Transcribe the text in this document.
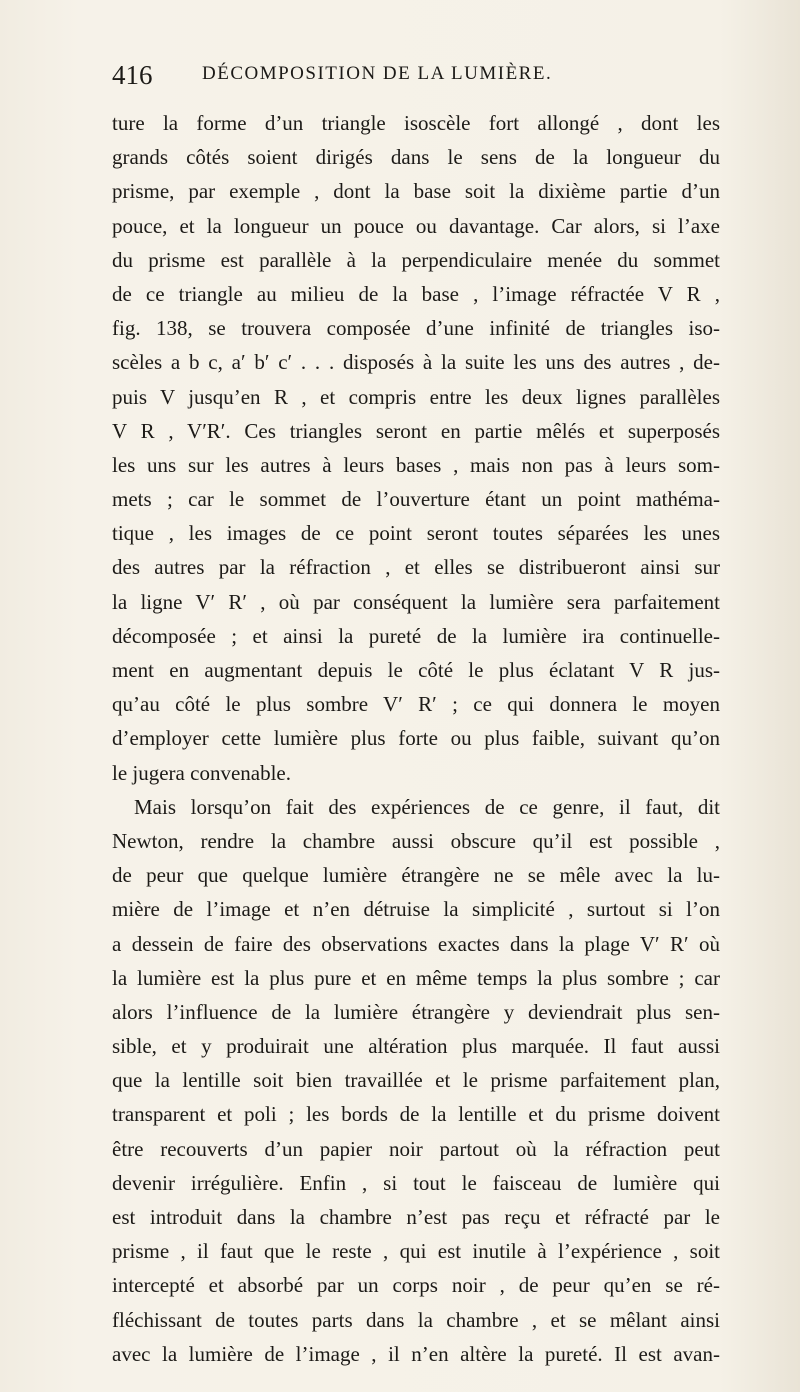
416	DÉCOMPOSITION DE LA LUMIÈRE.
ture la forme d’un triangle isoscèle fort allongé , dont les
grands côtés soient dirigés dans le sens de la longueur du
prisme, par exemple , dont la base soit la dixième partie d’un
pouce, et la longueur un pouce ou davantage. Car alors, si l’axe
du prisme est parallèle à la perpendiculaire menée du sommet
de ce triangle au milieu de la base , l’image réfractée V R ,
fig. 138, se trouvera composée d’une infinité de triangles iso-
scèles a b c, a′ b′ c′ . . . disposés à la suite les uns des autres , de-
puis V jusqu’en R , et compris entre les deux lignes parallèles
V R , V′R′. Ces triangles seront en partie mêlés et superposés
les uns sur les autres à leurs bases , mais non pas à leurs som-
mets ; car le sommet de l’ouverture étant un point mathéma-
tique , les images de ce point seront toutes séparées les unes
des autres par la réfraction , et elles se distribueront ainsi sur
la ligne V′ R′ , où par conséquent la lumière sera parfaitement
décomposée ; et ainsi la pureté de la lumière ira continuelle-
ment en augmentant depuis le côté le plus éclatant V R jus-
qu’au côté le plus sombre V′ R′ ; ce qui donnera le moyen
d’employer cette lumière plus forte ou plus faible, suivant qu’on
le jugera convenable.
Mais lorsqu’on fait des expériences de ce genre, il faut, dit
Newton, rendre la chambre aussi obscure qu’il est possible ,
de peur que quelque lumière étrangère ne se mêle avec la lu-
mière de l’image et n’en détruise la simplicité , surtout si l’on
a dessein de faire des observations exactes dans la plage V′ R′ où
la lumière est la plus pure et en même temps la plus sombre ; car
alors l’influence de la lumière étrangère y deviendrait plus sen-
sible, et y produirait une altération plus marquée. Il faut aussi
que la lentille soit bien travaillée et le prisme parfaitement plan,
transparent et poli ; les bords de la lentille et du prisme doivent
être recouverts d’un papier noir partout où la réfraction peut
devenir irrégulière. Enfin , si tout le faisceau de lumière qui
est introduit dans la chambre n’est pas reçu et réfracté par le
prisme , il faut que le reste , qui est inutile à l’expérience , soit
intercepté et absorbé par un corps noir , de peur qu’en se ré-
fléchissant de toutes parts dans la chambre , et se mêlant ainsi
avec la lumière de l’image , il n’en altère la pureté. Il est avan-
